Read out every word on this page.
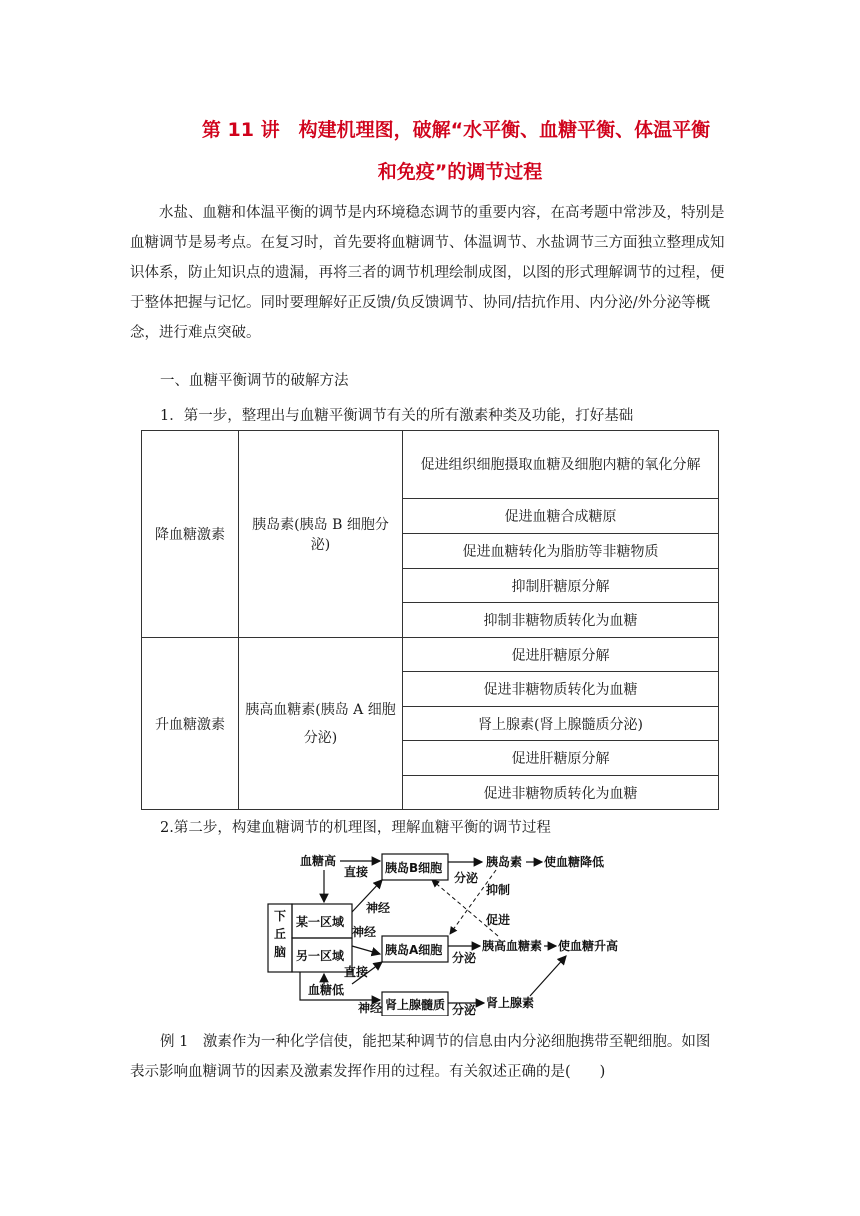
第 11 讲　构建机理图，破解“水平衡、血糖平衡、体温平衡
和免疫”的调节过程

水盐、血糖和体温平衡的调节是内环境稳态调节的重要内容，在高考题中常涉及，特别是血糖调节是易考点。在复习时，首先要将血糖调节、体温调节、水盐调节三方面独立整理成知识体系，防止知识点的遗漏，再将三者的调节机理绘制成图，以图的形式理解调节的过程，便于整体把握与记忆。同时要理解好正反馈/负反馈调节、协同/拮抗作用、内分泌/外分泌等概念，进行难点突破。

一、血糖平衡调节的破解方法
1．第一步，整理出与血糖平衡调节有关的所有激素种类及功能，打好基础
降血糖激素	胰岛素(胰岛 B 细胞分泌)	促进组织细胞摄取血糖及细胞内糖的氧化分解
		促进血糖合成糖原
		促进血糖转化为脂肪等非糖物质
		抑制肝糖原分解
		抑制非糖物质转化为血糖
升血糖激素	胰高血糖素(胰岛 A 细胞分泌)	促进肝糖原分解
		促进非糖物质转化为血糖
		肾上腺素(肾上腺髓质分泌)
		促进肝糖原分解
		促进非糖物质转化为血糖
2.第二步，构建血糖调节的机理图，理解血糖平衡的调节过程
下
丘
脑
某一区域
另一区域
胰岛B细胞
胰岛A细胞
肾上腺髓质
血糖高
血糖低
直接
直接
神经
神经
神经
分泌
分泌
分泌
胰岛素
胰高血糖素
肾上腺素
使血糖降低
使血糖升高
抑制
促进
例 1　激素作为一种化学信使，能把某种调节的信息由内分泌细胞携带至靶细胞。如图
表示影响血糖调节的因素及激素发挥作用的过程。有关叙述正确的是(　　)
